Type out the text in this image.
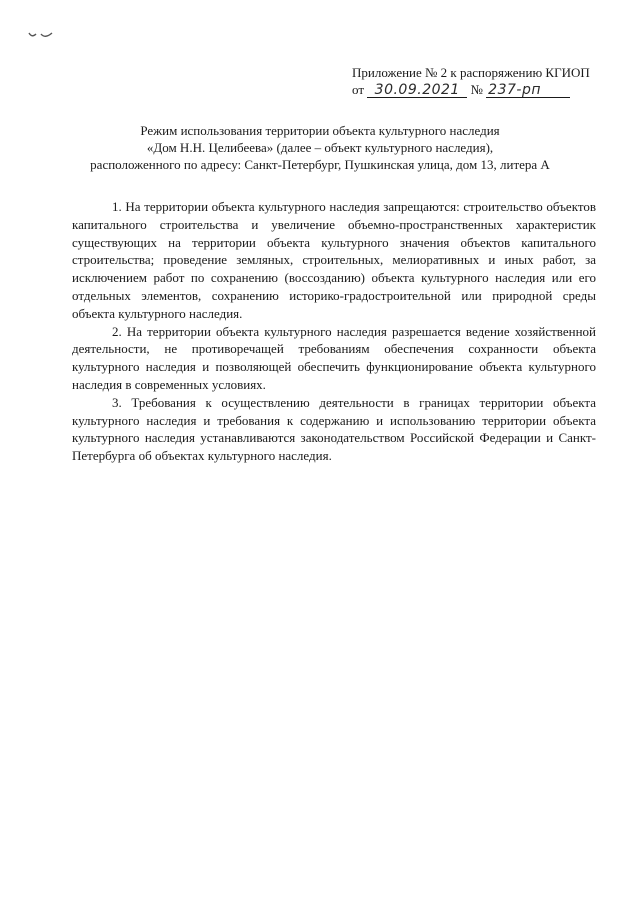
Приложение № 2 к распоряжению КГИОП
от 30.09.2021 № 237-рп
Режим использования территории объекта культурного наследия
«Дом Н.Н. Целибеева» (далее – объект культурного наследия),
расположенного по адресу: Санкт-Петербург, Пушкинская улица, дом 13, литера А

1. На территории объекта культурного наследия запрещаются: строительство объектов капитального строительства и увеличение объемно-пространственных характеристик существующих на территории объекта культурного значения объектов капитального строительства; проведение земляных, строительных, мелиоративных и иных работ, за исключением работ по сохранению (воссозданию) объекта культурного наследия или его отдельных элементов, сохранению историко-градостроительной или природной среды объекта культурного наследия.

2. На территории объекта культурного наследия разрешается ведение хозяйственной деятельности, не противоречащей требованиям обеспечения сохранности объекта культурного наследия и позволяющей обеспечить функционирование объекта культурного наследия в современных условиях.

3. Требования к осуществлению деятельности в границах территории объекта культурного наследия и требования к содержанию и использованию территории объекта культурного наследия устанавливаются законодательством Российской Федерации и Санкт-Петербурга об объектах культурного наследия.
